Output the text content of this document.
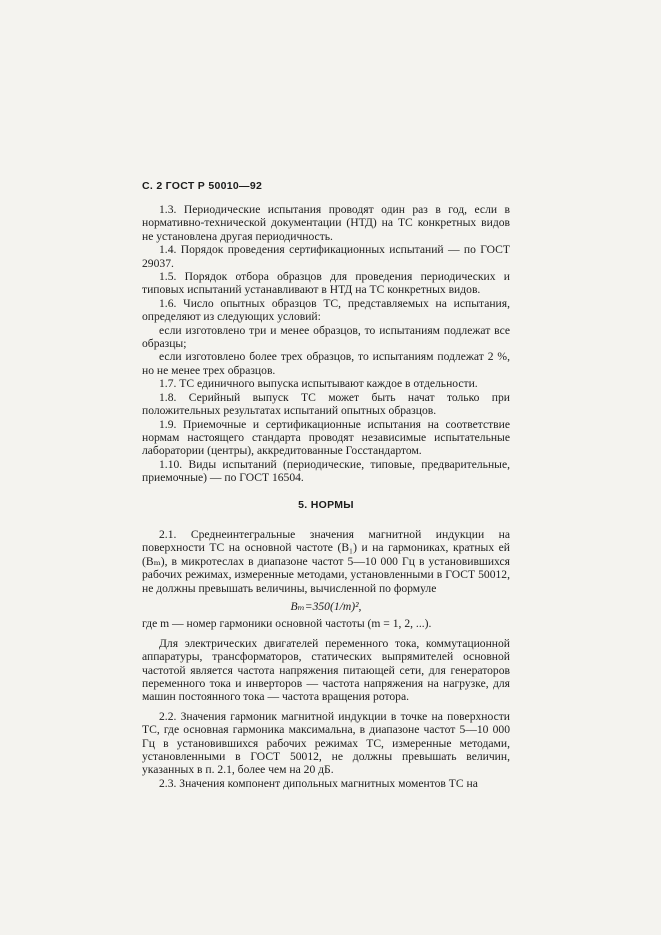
С. 2 ГОСТ Р 50010—92
1.3. Периодические испытания проводят один раз в год, если в нормативно-технической документации (НТД) на ТС конкретных видов не установлена другая периодичность.
1.4. Порядок проведения сертификационных испытаний — по ГОСТ 29037.
1.5. Порядок отбора образцов для проведения периодических и типовых испытаний устанавливают в НТД на ТС конкретных видов.
1.6. Число опытных образцов ТС, представляемых на испытания, определяют из следующих условий:
если изготовлено три и менее образцов, то испытаниям подлежат все образцы;
если изготовлено более трех образцов, то испытаниям подлежат 2 %, но не менее трех образцов.
1.7. ТС единичного выпуска испытывают каждое в отдельности.
1.8. Серийный выпуск ТС может быть начат только при положительных результатах испытаний опытных образцов.
1.9. Приемочные и сертификационные испытания на соответствие нормам настоящего стандарта проводят независимые испытательные лаборатории (центры), аккредитованные Госстандартом.
1.10. Виды испытаний (периодические, типовые, предварительные, приемочные) — по ГОСТ 16504.
5. НОРМЫ
2.1. Среднеинтегральные значения магнитной индукции на поверхности ТС на основной частоте (B₁) и на гармониках, кратных ей (Bₘ), в микротеслах в диапазоне частот 5—10 000 Гц в установившихся рабочих режимах, измеренные методами, установленными в ГОСТ 50012, не должны превышать величины, вычисленной по формуле
Bₘ=350(1/m)²,
где m — номер гармоники основной частоты (m = 1, 2, ...).
Для электрических двигателей переменного тока, коммутационной аппаратуры, трансформаторов, статических выпрямителей основной частотой является частота напряжения питающей сети, для генераторов переменного тока и инверторов — частота напряжения на нагрузке, для машин постоянного тока — частота вращения ротора.
2.2. Значения гармоник магнитной индукции в точке на поверхности ТС, где основная гармоника максимальна, в диапазоне частот 5—10 000 Гц в установившихся рабочих режимах ТС, измеренные методами, установленными в ГОСТ 50012, не должны превышать величин, указанных в п. 2.1, более чем на 20 дБ.
2.3. Значения компонент дипольных магнитных моментов ТС на
